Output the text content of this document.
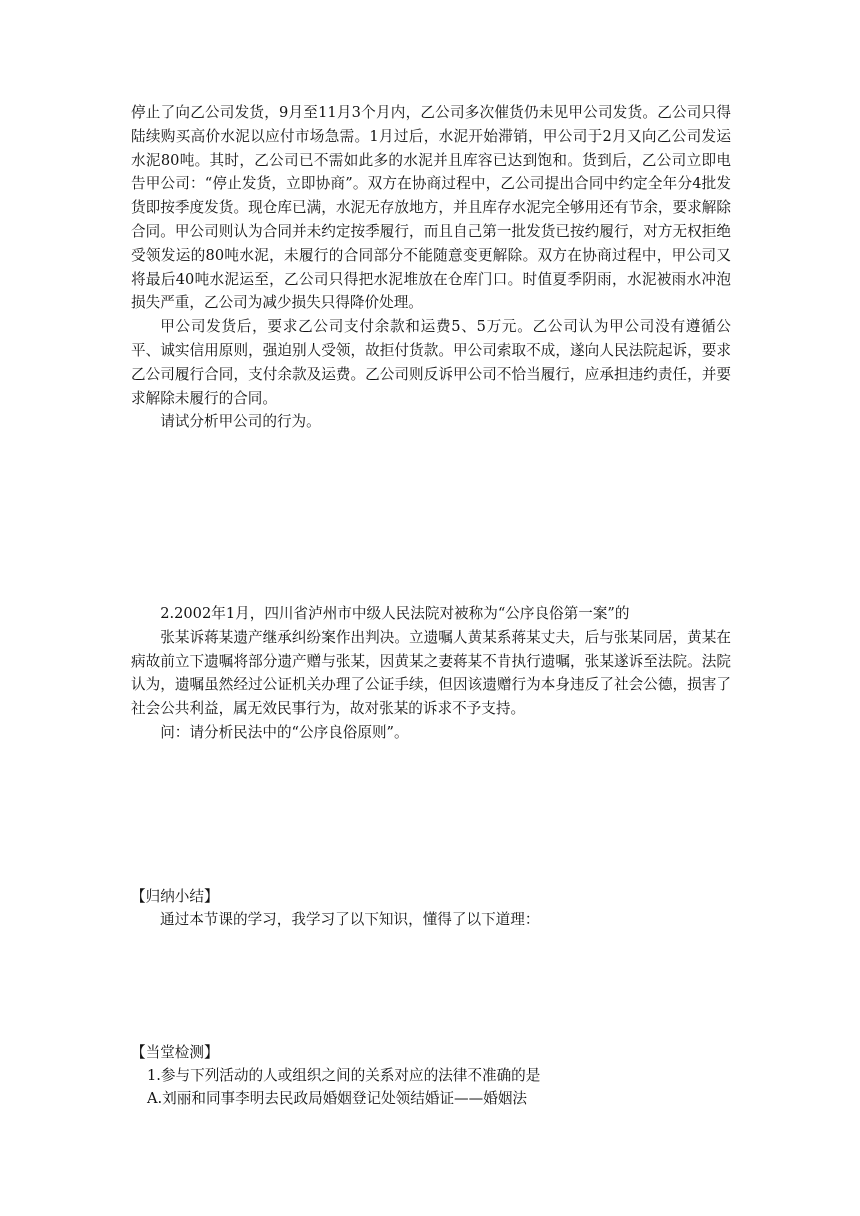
停止了向乙公司发货，9月至11月3个月内，乙公司多次催货仍未见甲公司发货。乙公司只得陆续购买高价水泥以应付市场急需。1月过后，水泥开始滞销，甲公司于2月又向乙公司发运水泥80吨。其时，乙公司已不需如此多的水泥并且库容已达到饱和。货到后，乙公司立即电告甲公司：“停止发货，立即协商”。双方在协商过程中，乙公司提出合同中约定全年分4批发货即按季度发货。现仓库已满，水泥无存放地方，并且库存水泥完全够用还有节余，要求解除合同。甲公司则认为合同并未约定按季履行，而且自己第一批发货已按约履行，对方无权拒绝受领发运的80吨水泥，未履行的合同部分不能随意变更解除。双方在协商过程中，甲公司又将最后40吨水泥运至，乙公司只得把水泥堆放在仓库门口。时值夏季阴雨，水泥被雨水冲泡损失严重，乙公司为减少损失只得降价处理。

甲公司发货后，要求乙公司支付余款和运费5、5万元。乙公司认为甲公司没有遵循公平、诚实信用原则，强迫别人受领，故拒付货款。甲公司索取不成，遂向人民法院起诉，要求乙公司履行合同，支付余款及运费。乙公司则反诉甲公司不恰当履行，应承担违约责任，并要求解除未履行的合同。

请试分析甲公司的行为。

2.2002年1月，四川省泸州市中级人民法院对被称为“公序良俗第一案”的

张某诉蒋某遗产继承纠纷案作出判决。立遗嘱人黄某系蒋某丈夫，后与张某同居，黄某在病故前立下遗嘱将部分遗产赠与张某，因黄某之妻蒋某不肯执行遗嘱，张某遂诉至法院。法院认为，遗嘱虽然经过公证机关办理了公证手续，但因该遗赠行为本身违反了社会公德，损害了社会公共利益，属无效民事行为，故对张某的诉求不予支持。

问：请分析民法中的“公序良俗原则”。

【归纳小结】
通过本节课的学习，我学习了以下知识，懂得了以下道理：
【当堂检测】
1.参与下列活动的人或组织之间的关系对应的法律不准确的是
A.刘丽和同事李明去民政局婚姻登记处领结婚证——婚姻法
